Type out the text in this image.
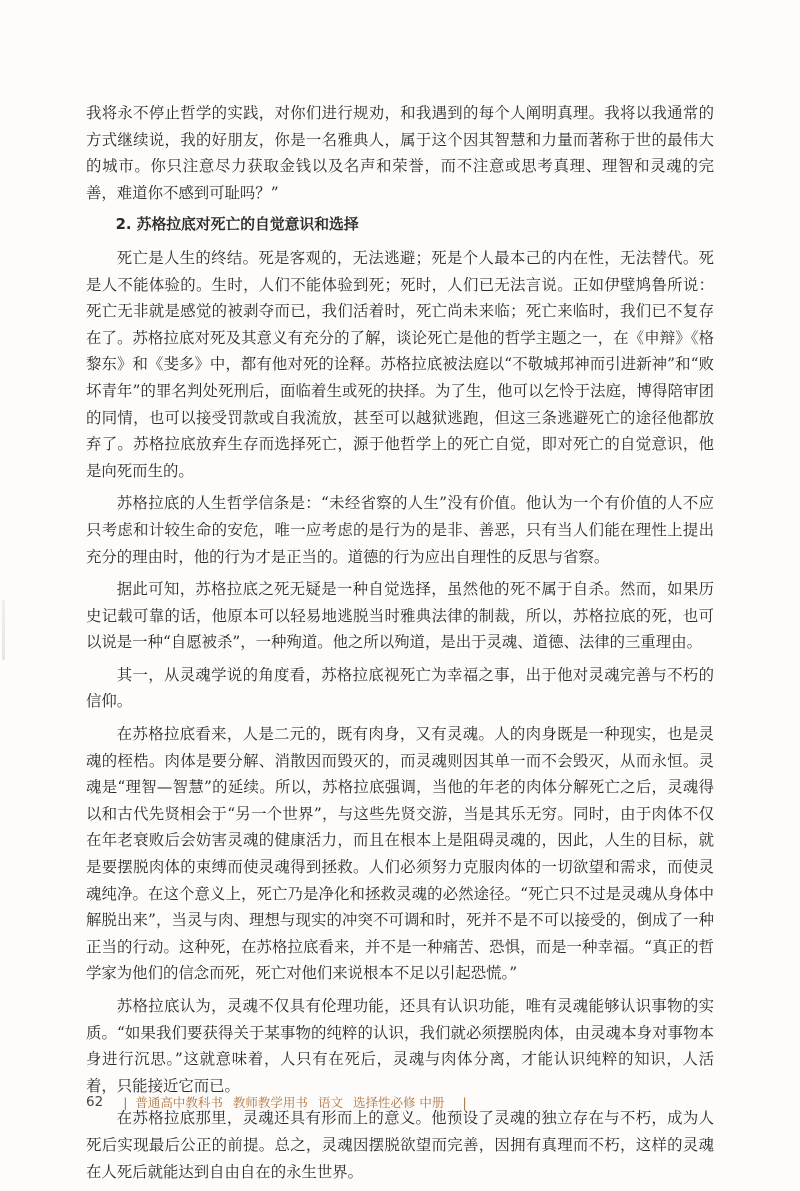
我将永不停止哲学的实践，对你们进行规劝，和我遇到的每个人阐明真理。我将以我通常的方式继续说，我的好朋友，你是一名雅典人，属于这个因其智慧和力量而著称于世的最伟大的城市。你只注意尽力获取金钱以及名声和荣誉，而不注意或思考真理、理智和灵魂的完善，难道你不感到可耻吗？”

2. 苏格拉底对死亡的自觉意识和选择

死亡是人生的终结。死是客观的，无法逃避；死是个人最本己的内在性，无法替代。死是人不能体验的。生时，人们不能体验到死；死时，人们已无法言说。正如伊壁鸠鲁所说：死亡无非就是感觉的被剥夺而已，我们活着时，死亡尚未来临；死亡来临时，我们已不复存在了。苏格拉底对死及其意义有充分的了解，谈论死亡是他的哲学主题之一，在《申辩》《格黎东》和《斐多》中，都有他对死的诠释。苏格拉底被法庭以“不敬城邦神而引进新神”和“败坏青年”的罪名判处死刑后，面临着生或死的抉择。为了生，他可以乞怜于法庭，博得陪审团的同情，也可以接受罚款或自我流放，甚至可以越狱逃跑，但这三条逃避死亡的途径他都放弃了。苏格拉底放弃生存而选择死亡，源于他哲学上的死亡自觉，即对死亡的自觉意识，他是向死而生的。

苏格拉底的人生哲学信条是：“未经省察的人生”没有价值。他认为一个有价值的人不应只考虑和计较生命的安危，唯一应考虑的是行为的是非、善恶，只有当人们能在理性上提出充分的理由时，他的行为才是正当的。道德的行为应出自理性的反思与省察。

据此可知，苏格拉底之死无疑是一种自觉选择，虽然他的死不属于自杀。然而，如果历史记载可靠的话，他原本可以轻易地逃脱当时雅典法律的制裁，所以，苏格拉底的死，也可以说是一种“自愿被杀”，一种殉道。他之所以殉道，是出于灵魂、道德、法律的三重理由。

其一，从灵魂学说的角度看，苏格拉底视死亡为幸福之事，出于他对灵魂完善与不朽的信仰。

在苏格拉底看来，人是二元的，既有肉身，又有灵魂。人的肉身既是一种现实，也是灵魂的桎梏。肉体是要分解、消散因而毁灭的，而灵魂则因其单一而不会毁灭，从而永恒。灵魂是“理智—智慧”的延续。所以，苏格拉底强调，当他的年老的肉体分解死亡之后，灵魂得以和古代先贤相会于“另一个世界”，与这些先贤交游，当是其乐无穷。同时，由于肉体不仅在年老衰败后会妨害灵魂的健康活力，而且在根本上是阻碍灵魂的，因此，人生的目标，就是要摆脱肉体的束缚而使灵魂得到拯救。人们必须努力克服肉体的一切欲望和需求，而使灵魂纯净。在这个意义上，死亡乃是净化和拯救灵魂的必然途径。“死亡只不过是灵魂从身体中解脱出来”，当灵与肉、理想与现实的冲突不可调和时，死并不是不可以接受的，倒成了一种正当的行动。这种死，在苏格拉底看来，并不是一种痛苦、恐惧，而是一种幸福。“真正的哲学家为他们的信念而死，死亡对他们来说根本不足以引起恐慌。”

苏格拉底认为，灵魂不仅具有伦理功能，还具有认识功能，唯有灵魂能够认识事物的实质。“如果我们要获得关于某事物的纯粹的认识，我们就必须摆脱肉体，由灵魂本身对事物本身进行沉思。”这就意味着，人只有在死后，灵魂与肉体分离，才能认识纯粹的知识，人活着，只能接近它而已。

在苏格拉底那里，灵魂还具有形而上的意义。他预设了灵魂的独立存在与不朽，成为人死后实现最后公正的前提。总之，灵魂因摆脱欲望而完善，因拥有真理而不朽，这样的灵魂在人死后就能达到自由自在的永生世界。

62 | 普通高中教科书 教师教学用书 语文 选择性必修 中册 |
